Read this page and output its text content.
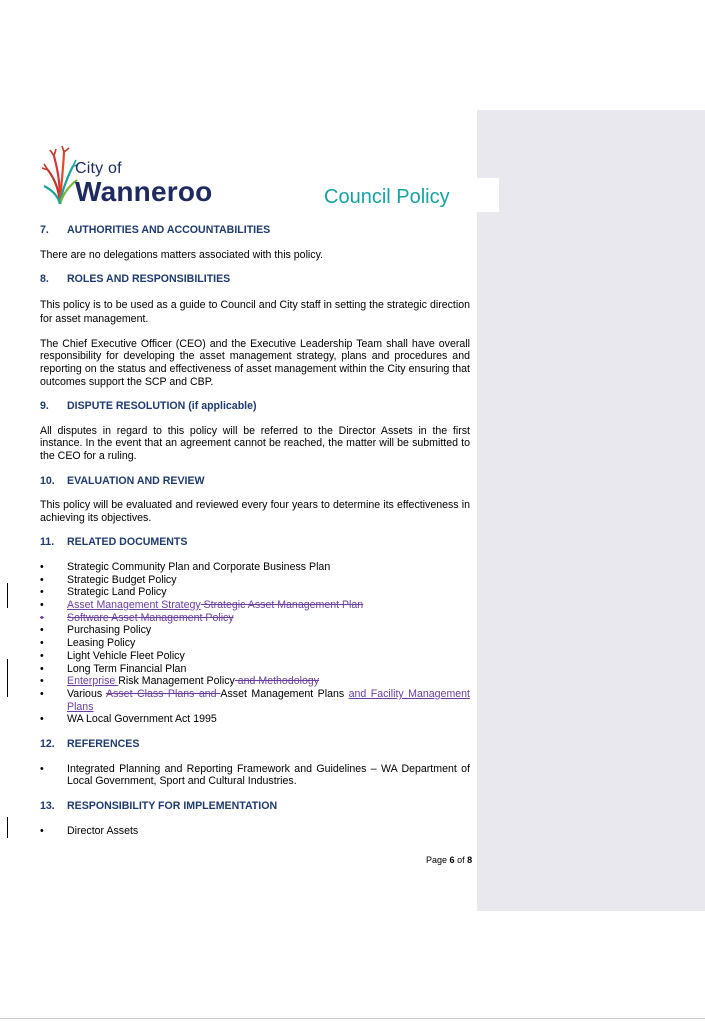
City of
Wanneroo	Council Policy
7.	AUTHORITIES AND ACCOUNTABILITIES

There are no delegations matters associated with this policy.

8.	ROLES AND RESPONSIBILITIES

This policy is to be used as a guide to Council and City staff in setting the strategic direction for asset management.

The Chief Executive Officer (CEO) and the Executive Leadership Team shall have overall responsibility for developing the asset management strategy, plans and procedures and reporting on the status and effectiveness of asset management within the City ensuring that outcomes support the SCP and CBP.

9.	DISPUTE RESOLUTION (if applicable)

All disputes in regard to this policy will be referred to the Director Assets in the first instance. In the event that an agreement cannot be reached, the matter will be submitted to the CEO for a ruling.

10.	EVALUATION AND REVIEW

This policy will be evaluated and reviewed every four years to determine its effectiveness in achieving its objectives.

11.	RELATED DOCUMENTS
•	Strategic Community Plan and Corporate Business Plan
•	Strategic Budget Policy
•	Strategic Land Policy
•	Asset Management Strategy Strategic Asset Management Plan
•	Software Asset Management Policy
•	Purchasing Policy
•	Leasing Policy
•	Light Vehicle Fleet Policy
•	Long Term Financial Plan
•	Enterprise Risk Management Policy and Methodology
•	Various Asset Class Plans and Asset Management Plans and Facility Management Plans
•	WA Local Government Act 1995
12.	REFERENCES
•	Integrated Planning and Reporting Framework and Guidelines – WA Department of Local Government, Sport and Cultural Industries.
13.	RESPONSIBILITY FOR IMPLEMENTATION
•	Director Assets
Page 6 of 8
